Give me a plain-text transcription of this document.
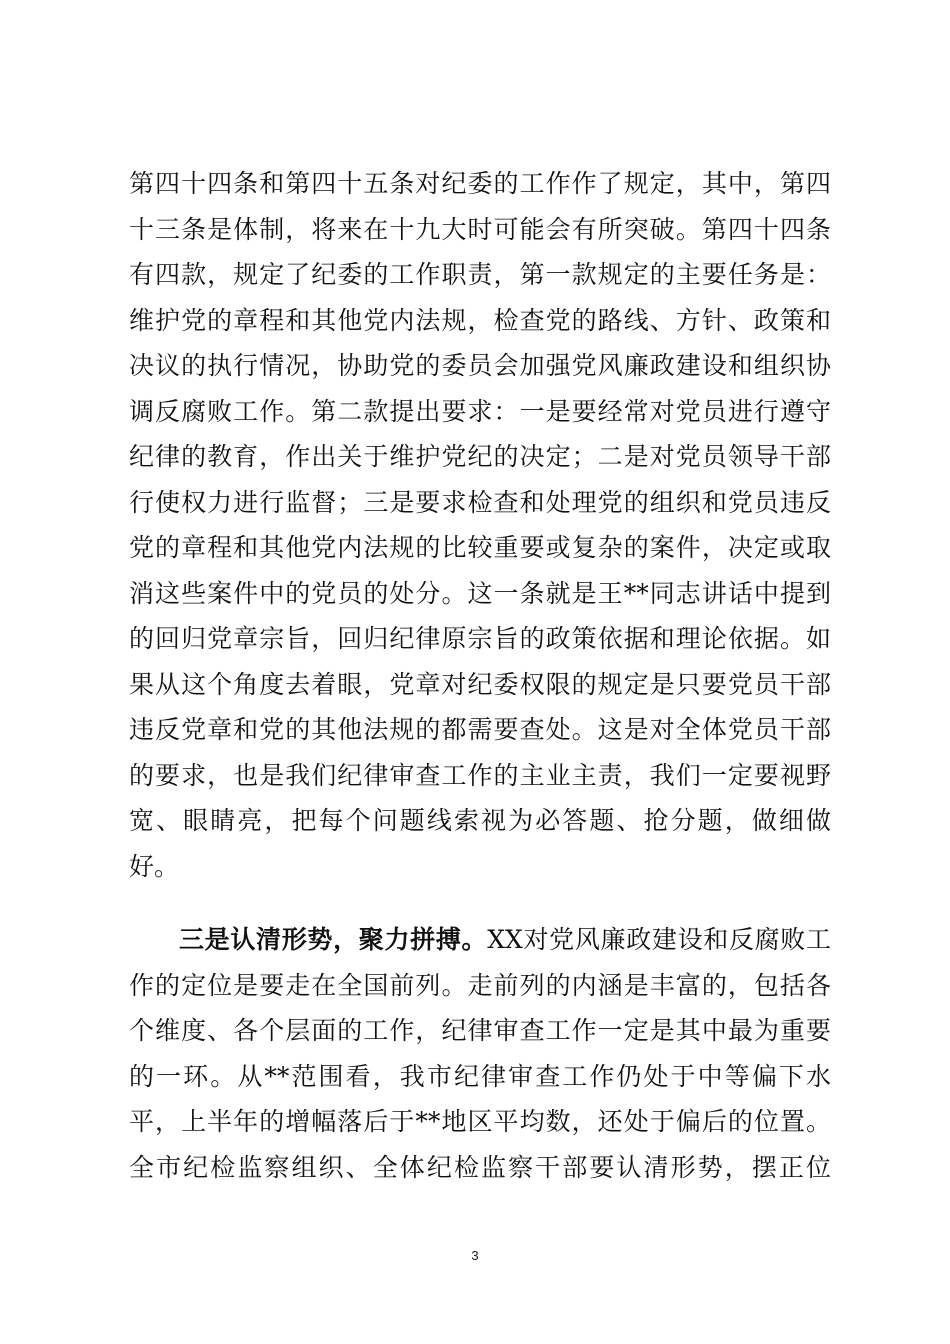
第四十四条和第四十五条对纪委的工作作了规定，其中，第四
十三条是体制，将来在十九大时可能会有所突破。第四十四条
有四款，规定了纪委的工作职责，第一款规定的主要任务是：
维护党的章程和其他党内法规，检查党的路线、方针、政策和
决议的执行情况，协助党的委员会加强党风廉政建设和组织协
调反腐败工作。第二款提出要求：一是要经常对党员进行遵守
纪律的教育，作出关于维护党纪的决定；二是对党员领导干部
行使权力进行监督；三是要求检查和处理党的组织和党员违反
党的章程和其他党内法规的比较重要或复杂的案件，决定或取
消这些案件中的党员的处分。这一条就是王**同志讲话中提到
的回归党章宗旨，回归纪律原宗旨的政策依据和理论依据。如
果从这个角度去着眼，党章对纪委权限的规定是只要党员干部
违反党章和党的其他法规的都需要查处。这是对全体党员干部
的要求，也是我们纪律审查工作的主业主责，我们一定要视野
宽、眼睛亮，把每个问题线索视为必答题、抢分题，做细做
好。
三是认清形势，聚力拼搏。XX对党风廉政建设和反腐败工
作的定位是要走在全国前列。走前列的内涵是丰富的，包括各
个维度、各个层面的工作，纪律审查工作一定是其中最为重要
的一环。从**范围看，我市纪律审查工作仍处于中等偏下水
平，上半年的增幅落后于**地区平均数，还处于偏后的位置。
全市纪检监察组织、全体纪检监察干部要认清形势，摆正位
3
